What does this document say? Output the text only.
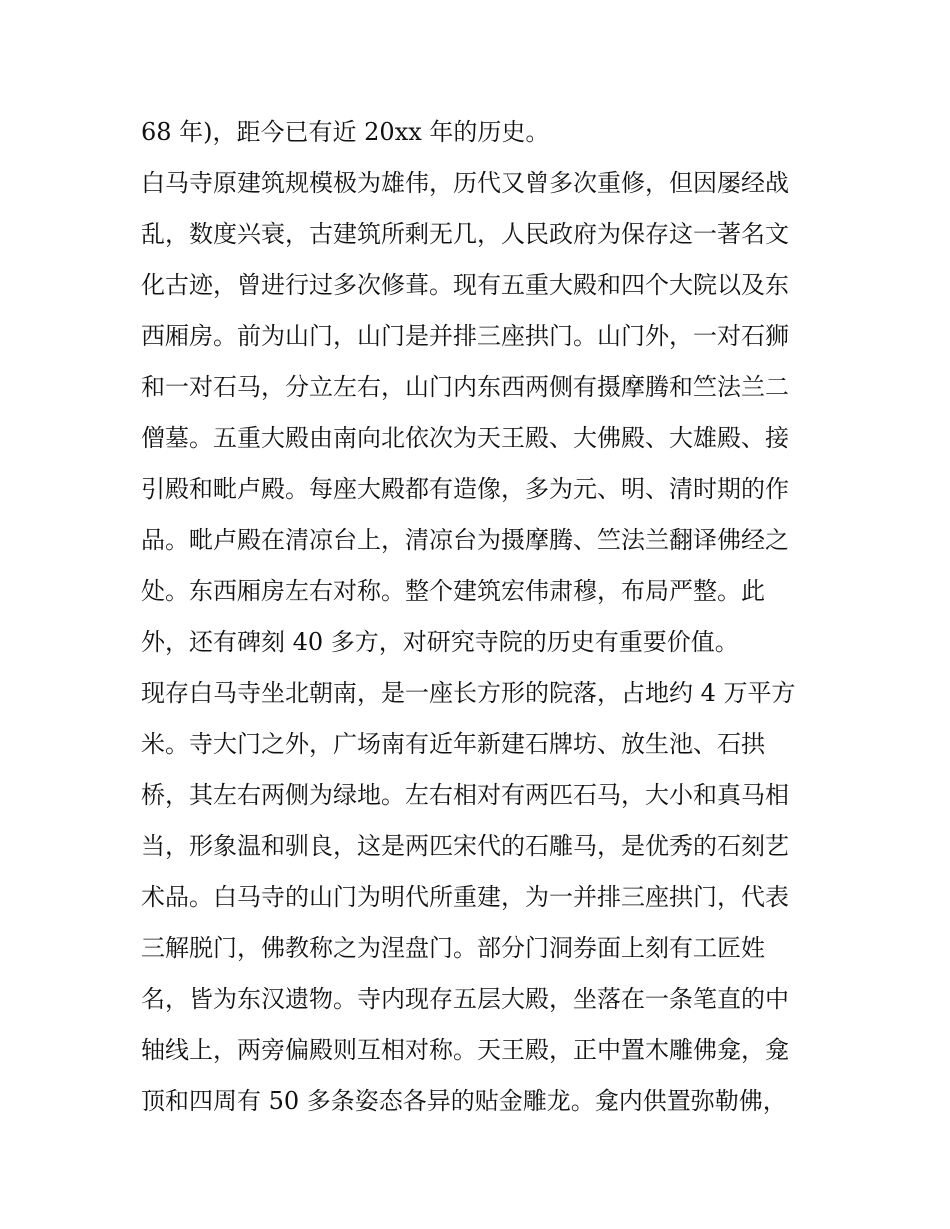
68 年)，距今已有近 20xx 年的历史。
白马寺原建筑规模极为雄伟，历代又曾多次重修，但因屡经战
乱，数度兴衰，古建筑所剩无几，人民政府为保存这一著名文
化古迹，曾进行过多次修葺。现有五重大殿和四个大院以及东
西厢房。前为山门，山门是并排三座拱门。山门外，一对石狮
和一对石马，分立左右，山门内东西两侧有摄摩腾和竺法兰二
僧墓。五重大殿由南向北依次为天王殿、大佛殿、大雄殿、接
引殿和毗卢殿。每座大殿都有造像，多为元、明、清时期的作
品。毗卢殿在清凉台上，清凉台为摄摩腾、竺法兰翻译佛经之
处。东西厢房左右对称。整个建筑宏伟肃穆，布局严整。此
外，还有碑刻 40 多方，对研究寺院的历史有重要价值。
现存白马寺坐北朝南，是一座长方形的院落，占地约 4 万平方
米。寺大门之外，广场南有近年新建石牌坊、放生池、石拱
桥，其左右两侧为绿地。左右相对有两匹石马，大小和真马相
当，形象温和驯良，这是两匹宋代的石雕马，是优秀的石刻艺
术品。白马寺的山门为明代所重建，为一并排三座拱门，代表
三解脱门，佛教称之为涅盘门。部分门洞券面上刻有工匠姓
名，皆为东汉遗物。寺内现存五层大殿，坐落在一条笔直的中
轴线上，两旁偏殿则互相对称。天王殿，正中置木雕佛龛，龛
顶和四周有 50 多条姿态各异的贴金雕龙。龛内供置弥勒佛，
